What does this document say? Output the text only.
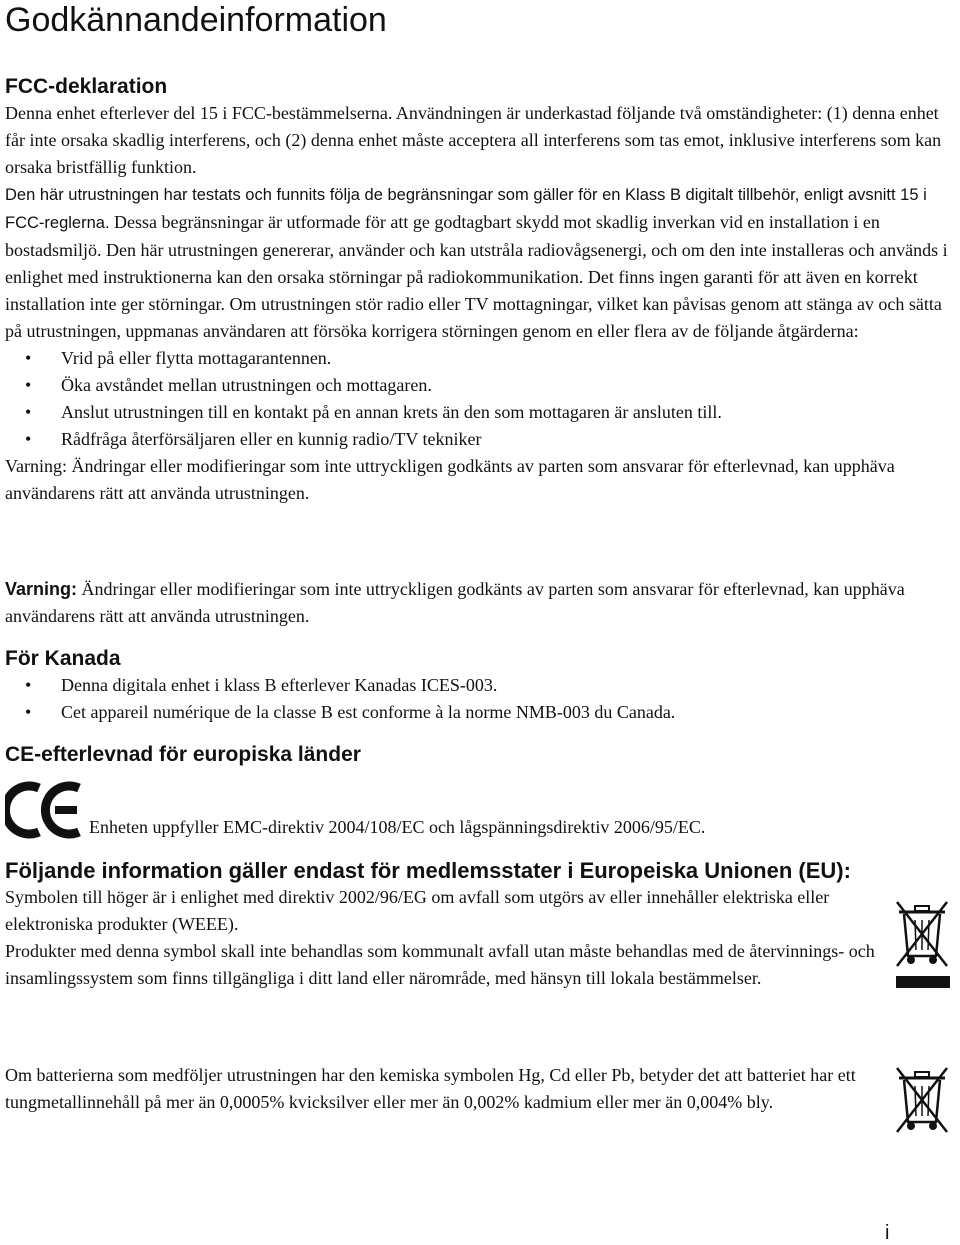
Godkännandeinformation
FCC-deklaration

Denna enhet efterlever del 15 i FCC-bestämmelserna. Användningen är underkastad följande två omständigheter: (1) denna enhet får inte orsaka skadlig interferens, och (2) denna enhet måste acceptera all interferens som tas emot, inklusive interferens som kan orsaka bristfällig funktion.

Den här utrustningen har testats och funnits följa de begränsningar som gäller för en Klass B digitalt tillbehör, enligt avsnitt 15 i FCC-reglerna. Dessa begränsningar är utformade för att ge godtagbart skydd mot skadlig inverkan vid en installation i en bostadsmiljö. Den här utrustningen genererar, använder och kan utstråla radiovågsenergi, och om den inte installeras och används i enlighet med instruktionerna kan den orsaka störningar på radiokommunikation. Det finns ingen garanti för att även en korrekt installation inte ger störningar. Om utrustningen stör radio eller TV mottagningar, vilket kan påvisas genom att stänga av och sätta på utrustningen, uppmanas användaren att försöka korrigera störningen genom en eller flera av de följande åtgärderna:

• Vrid på eller flytta mottagarantennen.
• Öka avståndet mellan utrustningen och mottagaren.
• Anslut utrustningen till en kontakt på en annan krets än den som mottagaren är ansluten till.
• Rådfråga återförsäljaren eller en kunnig radio/TV tekniker

Varning: Ändringar eller modifieringar som inte uttryckligen godkänts av parten som ansvarar för efterlevnad, kan upphäva användarens rätt att använda utrustningen.

Varning: Ändringar eller modifieringar som inte uttryckligen godkänts av parten som ansvarar för efterlevnad, kan upphäva användarens rätt att använda utrustningen.

För Kanada
• Denna digitala enhet i klass B efterlever Kanadas ICES-003.
• Cet appareil numérique de la classe B est conforme à la norme NMB-003 du Canada.
CE-efterlevnad för europiska länder
Enheten uppfyller EMC-direktiv 2004/108/EC och lågspänningsdirektiv 2006/95/EC.
Följande information gäller endast för medlemsstater i Europeiska Unionen (EU):

Symbolen till höger är i enlighet med direktiv 2002/96/EG om avfall som utgörs av eller innehåller elektriska eller elektroniska produkter (WEEE).

Produkter med denna symbol skall inte behandlas som kommunalt avfall utan måste behandlas med de återvinnings- och insamlingssystem som finns tillgängliga i ditt land eller närområde, med hänsyn till lokala bestämmelser.

Om batterierna som medföljer utrustningen har den kemiska symbolen Hg, Cd eller Pb, betyder det att batteriet har ett tungmetallinnehåll på mer än 0,0005% kvicksilver eller mer än 0,002% kadmium eller mer än 0,004% bly.

i
